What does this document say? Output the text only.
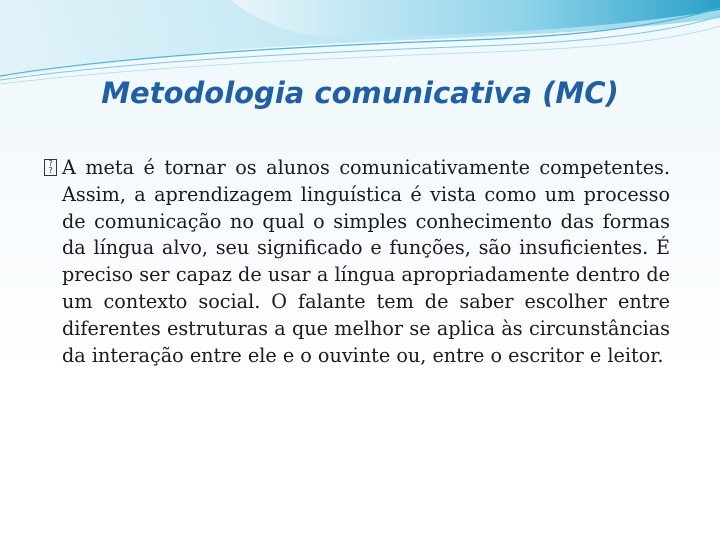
Metodologia comunicativa (MC)

?
? A meta é tornar os alunos comunicativamente competentes. Assim, a aprendizagem linguística é vista como um processo de comunicação no qual o simples conhecimento das formas da língua alvo, seu significado e funções, são insuficientes. É preciso ser capaz de usar a língua apropriadamente dentro de um contexto social. O falante tem de saber escolher entre diferentes estruturas a que melhor se aplica às circunstâncias da interação entre ele e o ouvinte ou, entre o escritor e leitor.
